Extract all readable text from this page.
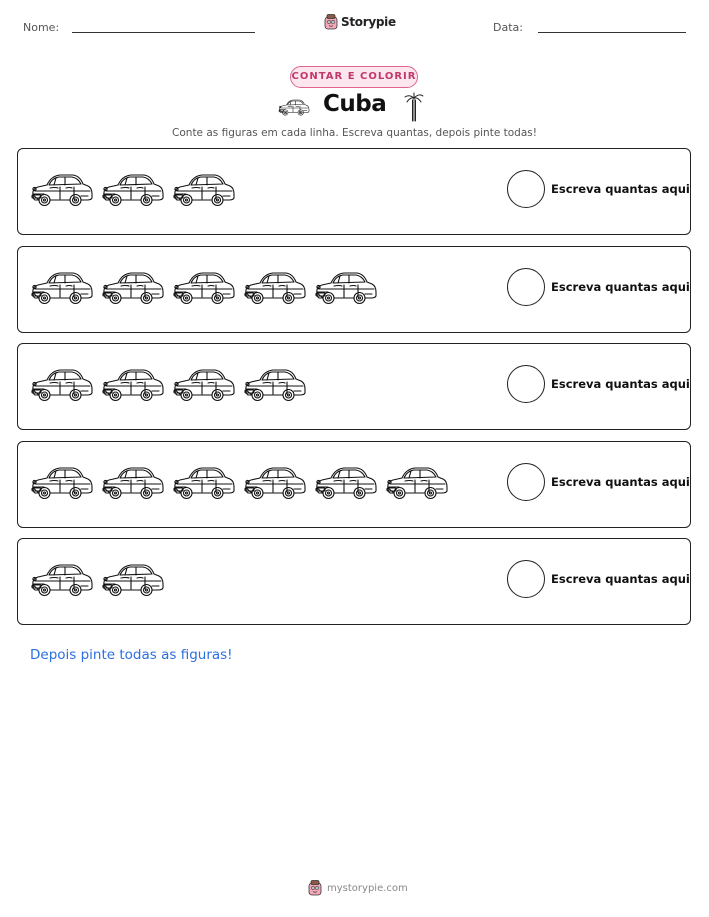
Nome:	Storypie	Data:
CONTAR E COLORIR
Cuba
Conte as figuras em cada linha. Escreva quantas, depois pinte todas!
Escreva quantas aqui
Escreva quantas aqui
Escreva quantas aqui
Escreva quantas aqui
Escreva quantas aqui
Depois pinte todas as figuras!
mystorypie.com
